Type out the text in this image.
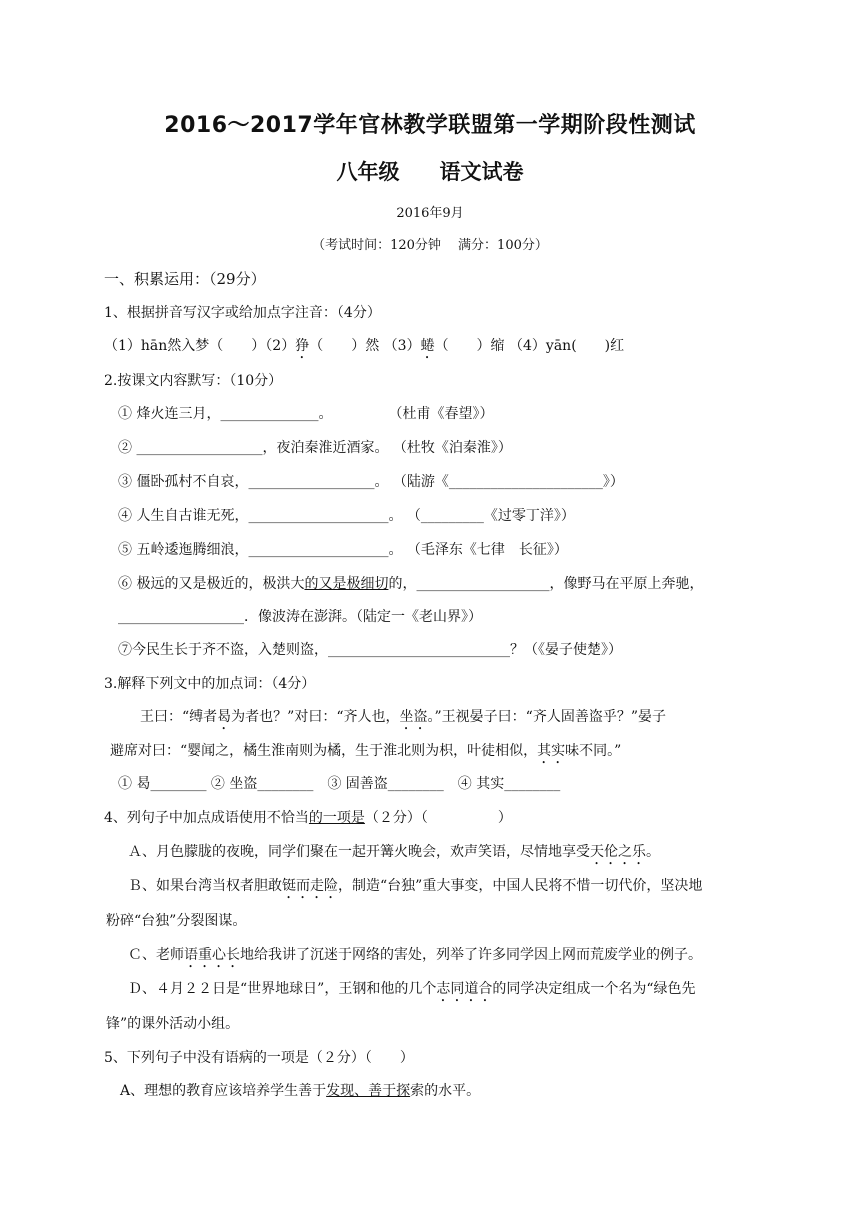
2016～2017学年官林教学联盟第一学期阶段性测试
八年级 语文试卷
2016年9月
（考试时间：120分钟　 满分：100分）
一、积累运用：（29分）
1、根据拼音写汉字或给加点字注音：（4分）
（1）hān然入梦（　　）（2）狰（　　）然 （3）蜷（　　）缩 （4）yān(　　)红
2.按课文内容默写：（10分）
① 烽火连三月，______________。　　　　　（杜甫《春望》）
② __________________，夜泊秦淮近酒家。 （杜牧《泊秦淮》）
③ 僵卧孤村不自哀，__________________。 （陆游《______________________》）
④ 人生自古谁无死，____________________。 （_________《过零丁洋》）
⑤ 五岭逶迤腾细浪，____________________。 （毛泽东《七律　长征》）
⑥ 极远的又是极近的，极洪大的又是极细切的，___________________，像野马在平原上奔驰，
__________________．像波涛在澎湃。（陆定一《老山界》）
⑦今民生长于齐不盗，入楚则盗，__________________________？（《晏子使楚》）
3.解释下列文中的加点词：（4分）
王曰：“缚者曷为者也？”对曰：“齐人也，坐盗。”王视晏子曰：“齐人固善盗乎？”晏子
避席对曰：“婴闻之，橘生淮南则为橘，生于淮北则为枳，叶徒相似，其实味不同。”
① 曷________ ② 坐盗________　③ 固善盗________　④ 其实________
4、列句子中加点成语使用不恰当的一项是（２分）（　　　　　）
Ａ、月色朦胧的夜晚，同学们聚在一起开篝火晚会，欢声笑语，尽情地享受天伦之乐。
Ｂ、如果台湾当权者胆敢铤而走险，制造“台独”重大事变，中国人民将不惜一切代价，坚决地
粉碎“台独”分裂图谋。
Ｃ、老师语重心长地给我讲了沉迷于网络的害处，列举了许多同学因上网而荒废学业的例子。
Ｄ、４月２２日是“世界地球日”，王钢和他的几个志同道合的同学决定组成一个名为“绿色先
锋”的课外活动小组。
5、下列句子中没有语病的一项是（２分）（　　）
A、理想的教育应该培养学生善于发现、善于探索的水平。
